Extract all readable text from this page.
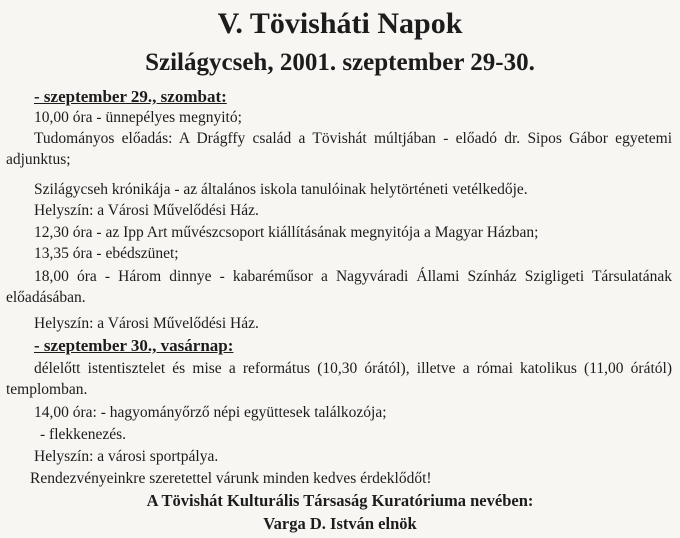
V. Tövisháti Napok
Szilágycseh, 2001. szeptember 29-30.
- szeptember 29., szombat:
10,00 óra - ünnepélyes megnyitó;
Tudományos előadás: A Drágffy család a Tövishát múltjában - előadó dr. Sipos Gábor egyetemi adjunktus;
Szilágycseh krónikája - az általános iskola tanulóinak helytörténeti vetélkedője.
Helyszín: a Városi Művelődési Ház.
12,30 óra - az Ipp Art művészcsoport kiállításának megnyitója a Magyar Házban;
13,35 óra - ebédszünet;
18,00 óra - Három dinnye - kabaréműsor a Nagyváradi Állami Színház Szigligeti Társulatának előadásában.
Helyszín: a Városi Művelődési Ház.
- szeptember 30., vasárnap:
délelőtt istentisztelet és mise a református (10,30 órától), illetve a római katolikus (11,00 órától) templomban.
14,00 óra: - hagyományőrző népi együttesek találkozója;
- flekkenezés.
Helyszín: a városi sportpálya.
Rendezvényeinkre szeretettel várunk minden kedves érdeklődőt!
A Tövishát Kulturális Társaság Kuratóriuma nevében:
Varga D. István elnök
